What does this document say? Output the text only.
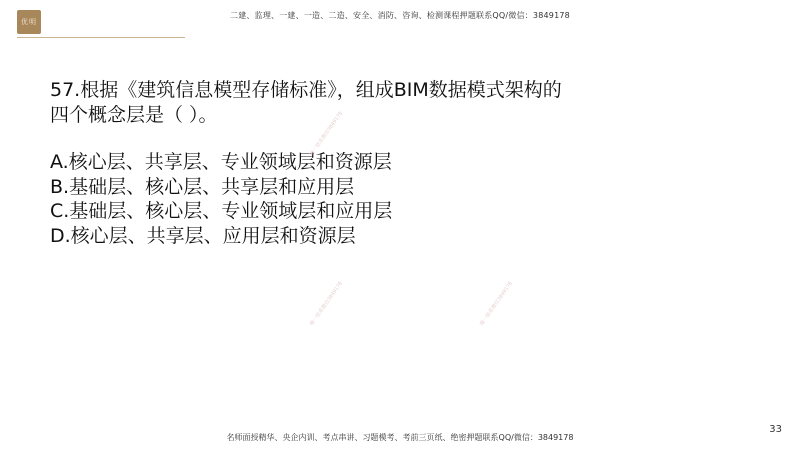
优明
二建、监理、一建、一造、二造、安全、消防、咨询、检测课程押题联系QQ/微信：3849178
57.根据《建筑信息模型存储标准》，组成BIM数据模式架构的
四个概念层是（ ）。
A.核心层、共享层、专业领域层和资源层
B.基础层、核心层、共享层和应用层
C.基础层、核心层、专业领域层和应用层
D.核心层、共享层、应用层和资源层
唯一联系微信3849178
唯一联系微信3849178
唯一联系微信3849178
33
名师面授精华、央企内训、考点串讲、习题模考、考前三页纸、绝密押题联系QQ/微信：3849178
